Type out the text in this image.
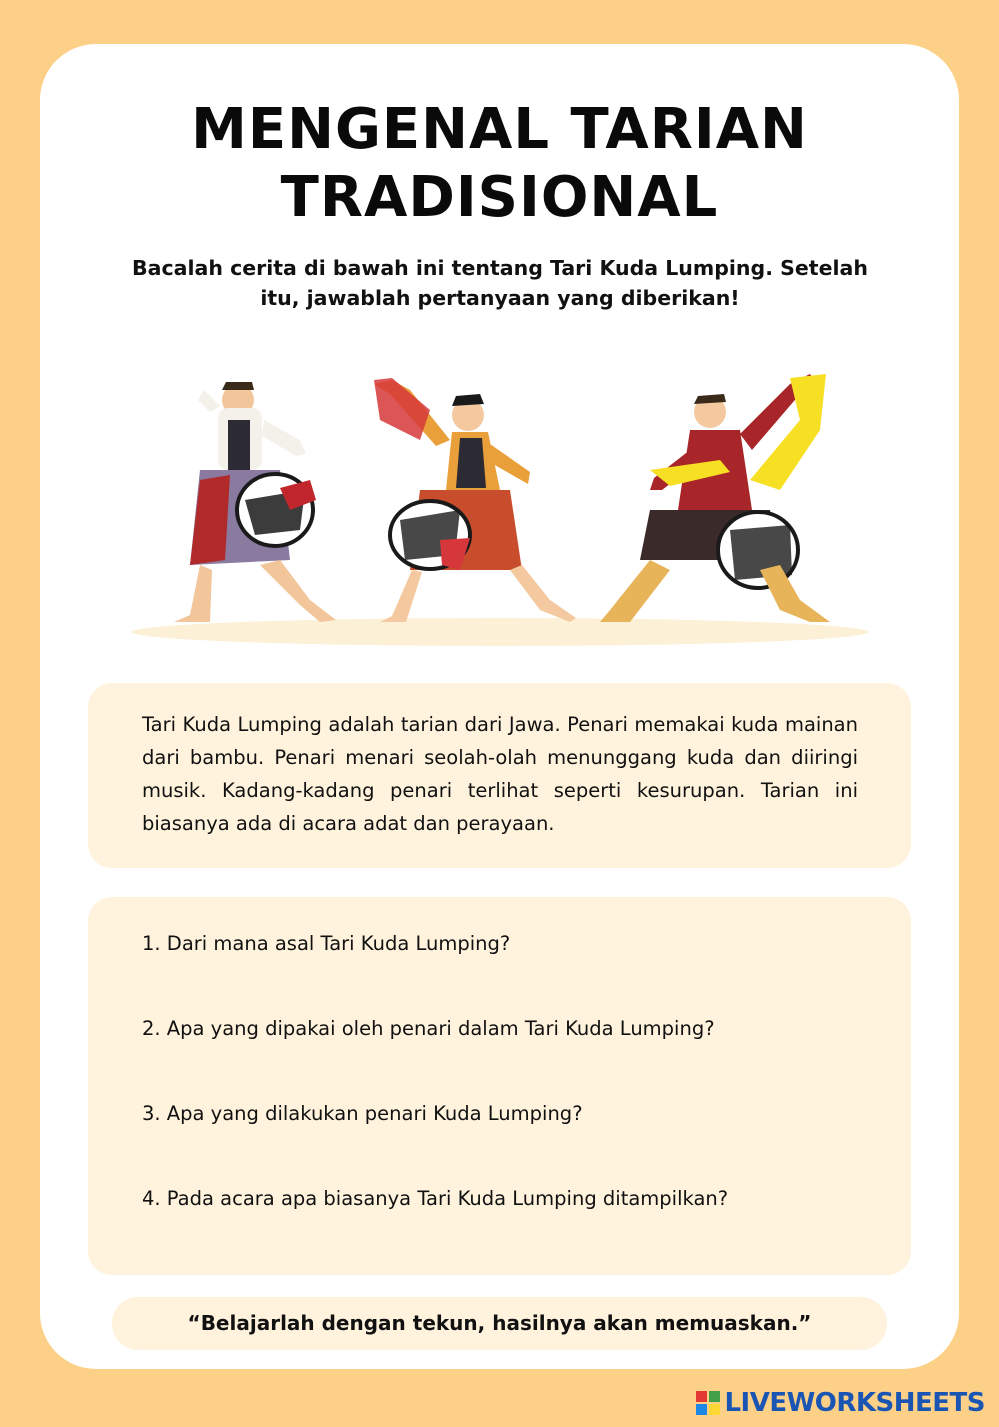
MENGENAL TARIAN
TRADISIONAL
Bacalah cerita di bawah ini tentang Tari Kuda Lumping. Setelah itu, jawablah pertanyaan yang diberikan!

Tari Kuda Lumping adalah tarian dari Jawa. Penari memakai kuda mainan dari bambu. Penari menari seolah-olah menunggang kuda dan diiringi musik. Kadang-kadang penari terlihat seperti kesurupan. Tarian ini biasanya ada di acara adat dan perayaan.

1. Dari mana asal Tari Kuda Lumping?
2. Apa yang dipakai oleh penari dalam Tari Kuda Lumping?
3. Apa yang dilakukan penari Kuda Lumping?
4. Pada acara apa biasanya Tari Kuda Lumping ditampilkan?
“Belajarlah dengan tekun, hasilnya akan memuaskan.”
LIVEWORKSHEETS
